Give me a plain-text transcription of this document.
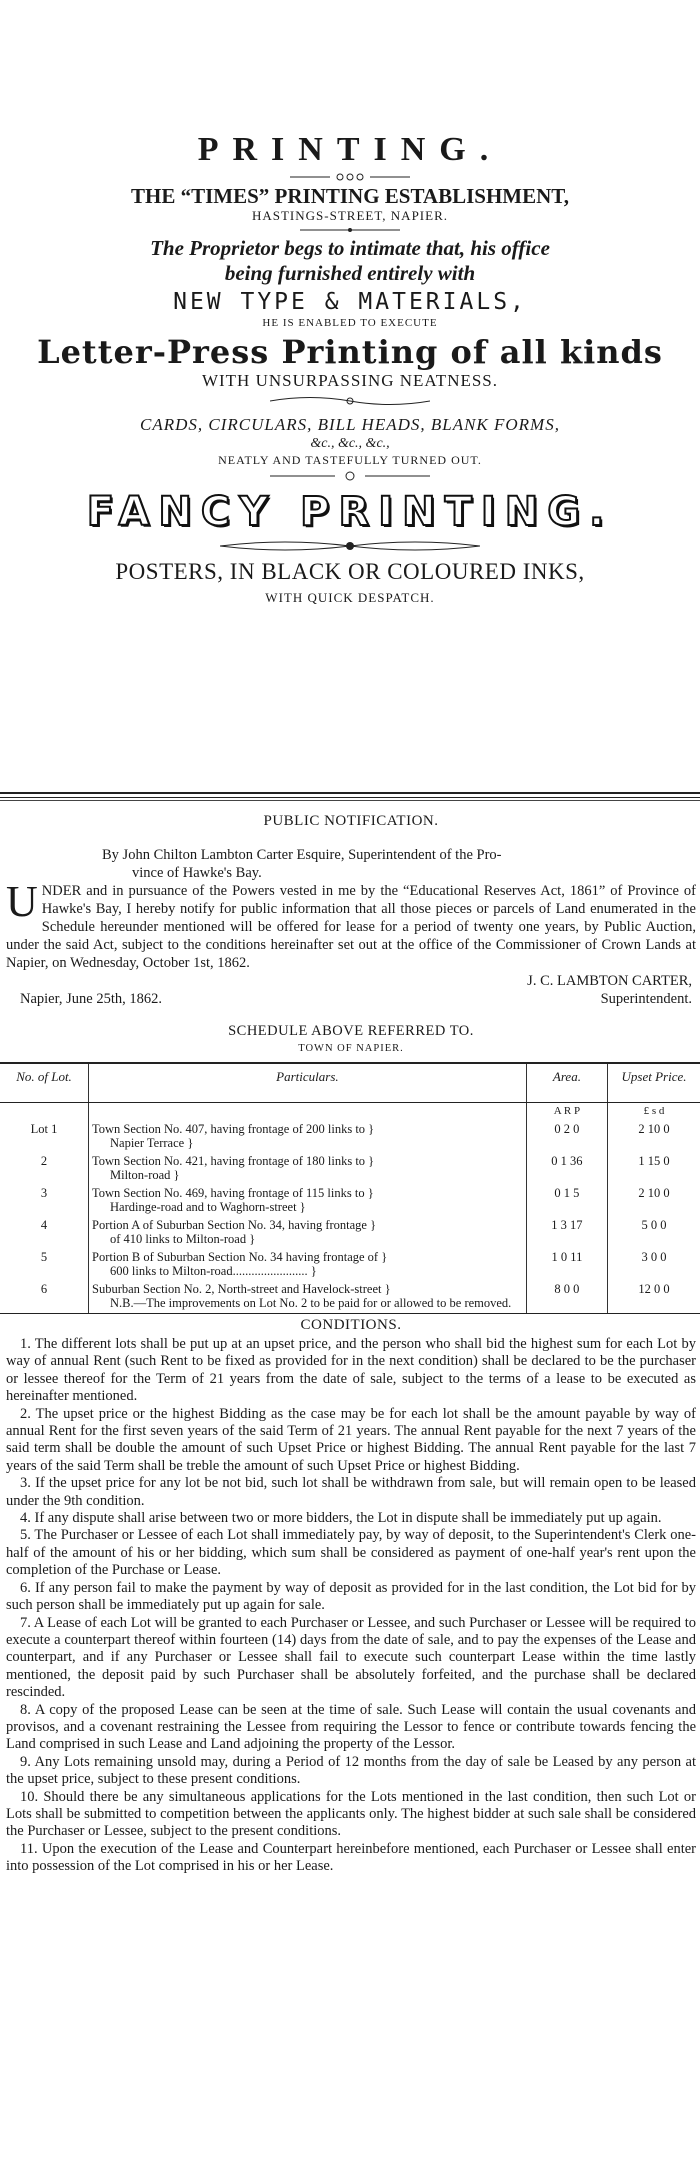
PRINTING.

THE “TIMES” PRINTING ESTABLISHMENT,

HASTINGS-STREET, NAPIER.

The Proprietor begs to intimate that, his office

being furnished entirely with

NEW TYPE & MATERIALS,

HE IS ENABLED TO EXECUTE

Letter-Press Printing of all kinds

WITH UNSURPASSING NEATNESS.

CARDS, CIRCULARS, BILL HEADS, BLANK FORMS,

&c., &c., &c.,

NEATLY AND TASTEFULLY TURNED OUT.

FANCY PRINTING.

POSTERS, IN BLACK OR COLOURED INKS,

WITH QUICK DESPATCH.

PUBLIC NOTIFICATION.

By John Chilton Lambton Carter Esquire, Superintendent of the Pro-
vince of Hawke's Bay.

UNDER and in pursuance of the Powers vested in me by the “Educational Reserves Act, 1861” of Province of Hawke's Bay, I hereby notify for public information that all those pieces or parcels of Land enumerated in the Schedule hereunder mentioned will be offered for lease for a period of twenty one years, by Public Auction, under the said Act, subject to the conditions hereinafter set out at the office of the Commissioner of Crown Lands at Napier, on Wednesday, October 1st, 1862.

J. C. LAMBTON CARTER,

Superintendent.

Napier, June 25th, 1862.

SCHEDULE ABOVE REFERRED TO.

TOWN OF NAPIER.

No. of Lot.	Particulars.	Area.	Upset Price.
		A R P	£ s d
Lot 1	Town Section No. 407, having frontage of 200 links to }
Napier Terrace }	0 2 0	2 10 0
2	Town Section No. 421, having frontage of 180 links to }
Milton-road }	0 1 36	1 15 0
3	Town Section No. 469, having frontage of 115 links to }
Hardinge-road and to Waghorn-street }	0 1 5	2 10 0
4	Portion A of Suburban Section No. 34, having frontage }
of 410 links to Milton-road }	1 3 17	5 0 0
5	Portion B of Suburban Section No. 34 having frontage of }
600 links to Milton-road........................ }	1 0 11	3 0 0
6	Suburban Section No. 2, North-street and Havelock-street }
N.B.—The improvements on Lot No. 2 to be paid for or allowed to be removed.	8 0 0	12 0 0

CONDITIONS.

1. The different lots shall be put up at an upset price, and the person who shall bid the highest sum for each Lot by way of annual Rent (such Rent to be fixed as provided for in the next condition) shall be declared to be the purchaser or lessee thereof for the Term of 21 years from the date of sale, subject to the terms of a lease to be executed as hereinafter mentioned.

2. The upset price or the highest Bidding as the case may be for each lot shall be the amount payable by way of annual Rent for the first seven years of the said Term of 21 years. The annual Rent payable for the next 7 years of the said term shall be double the amount of such Upset Price or highest Bidding. The annual Rent payable for the last 7 years of the said Term shall be treble the amount of such Upset Price or highest Bidding.

3. If the upset price for any lot be not bid, such lot shall be withdrawn from sale, but will remain open to be leased under the 9th condition.

4. If any dispute shall arise between two or more bidders, the Lot in dispute shall be immediately put up again.

5. The Purchaser or Lessee of each Lot shall immediately pay, by way of deposit, to the Superintendent's Clerk one-half of the amount of his or her bidding, which sum shall be considered as payment of one-half year's rent upon the completion of the Purchase or Lease.

6. If any person fail to make the payment by way of deposit as provided for in the last condition, the Lot bid for by such person shall be immediately put up again for sale.

7. A Lease of each Lot will be granted to each Purchaser or Lessee, and such Purchaser or Lessee will be required to execute a counterpart thereof within fourteen (14) days from the date of sale, and to pay the expenses of the Lease and counterpart, and if any Purchaser or Lessee shall fail to execute such counterpart Lease within the time lastly mentioned, the deposit paid by such Purchaser shall be absolutely forfeited, and the purchase shall be declared rescinded.

8. A copy of the proposed Lease can be seen at the time of sale. Such Lease will contain the usual covenants and provisos, and a covenant restraining the Lessee from requiring the Lessor to fence or contribute towards fencing the Land comprised in such Lease and Land adjoining the property of the Lessor.

9. Any Lots remaining unsold may, during a Period of 12 months from the day of sale be Leased by any person at the upset price, subject to these present conditions.

10. Should there be any simultaneous applications for the Lots mentioned in the last condition, then such Lot or Lots shall be submitted to competition between the applicants only. The highest bidder at such sale shall be considered the Purchaser or Lessee, subject to the present conditions.

11. Upon the execution of the Lease and Counterpart hereinbefore mentioned, each Purchaser or Lessee shall enter into possession of the Lot comprised in his or her Lease.
